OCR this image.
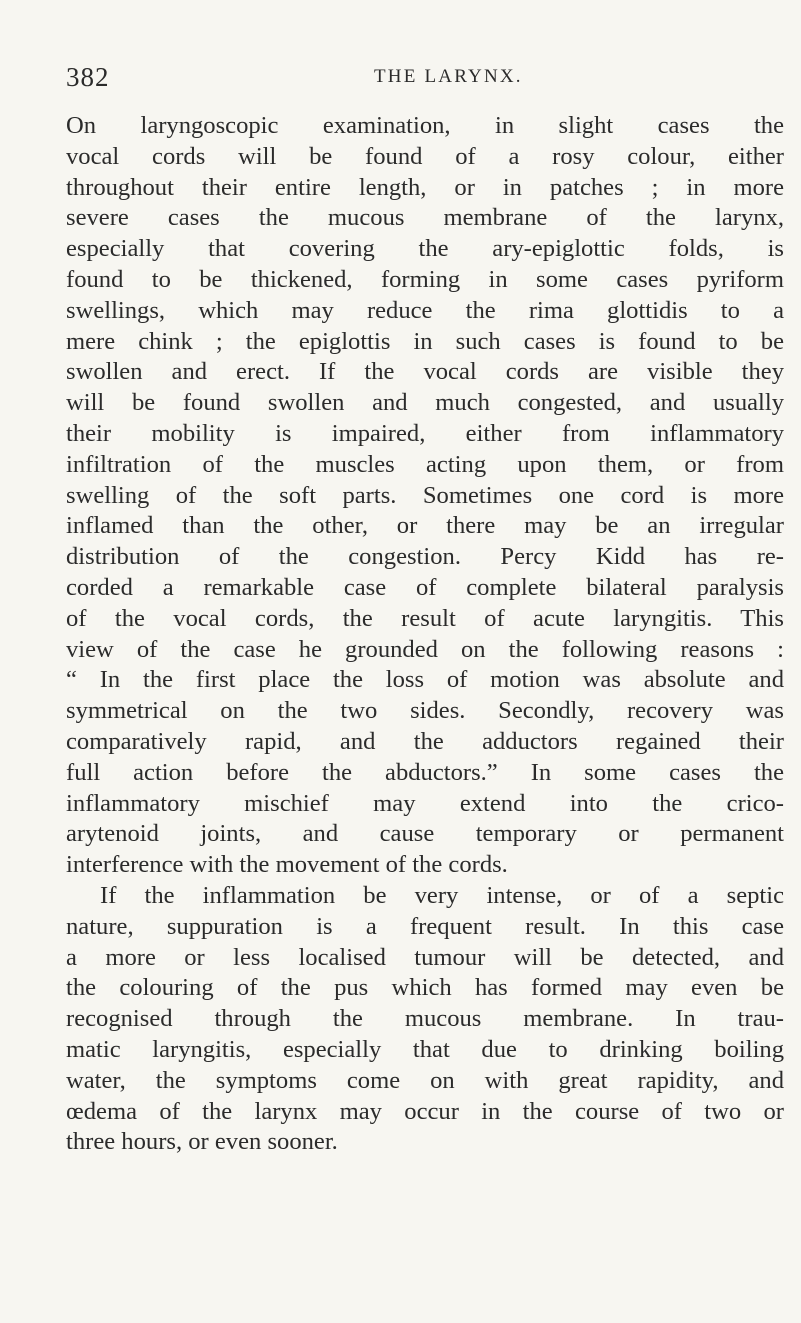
382	THE LARYNX.
On laryngoscopic examination, in slight cases the
vocal cords will be found of a rosy colour, either
throughout their entire length, or in patches ; in more
severe cases the mucous membrane of the larynx,
especially that covering the ary-epiglottic folds, is
found to be thickened, forming in some cases pyriform
swellings, which may reduce the rima glottidis to a
mere chink ; the epiglottis in such cases is found to be
swollen and erect. If the vocal cords are visible they
will be found swollen and much congested, and usually
their mobility is impaired, either from inflammatory
infiltration of the muscles acting upon them, or from
swelling of the soft parts. Sometimes one cord is more
inflamed than the other, or there may be an irregular
distribution of the congestion. Percy Kidd has re-
corded a remarkable case of complete bilateral paralysis
of the vocal cords, the result of acute laryngitis. This
view of the case he grounded on the following reasons :
“ In the first place the loss of motion was absolute and
symmetrical on the two sides. Secondly, recovery was
comparatively rapid, and the adductors regained their
full action before the abductors.” In some cases the
inflammatory mischief may extend into the crico-
arytenoid joints, and cause temporary or permanent
interference with the movement of the cords.
If the inflammation be very intense, or of a septic
nature, suppuration is a frequent result. In this case
a more or less localised tumour will be detected, and
the colouring of the pus which has formed may even be
recognised through the mucous membrane. In trau-
matic laryngitis, especially that due to drinking boiling
water, the symptoms come on with great rapidity, and
œdema of the larynx may occur in the course of two or
three hours, or even sooner.
